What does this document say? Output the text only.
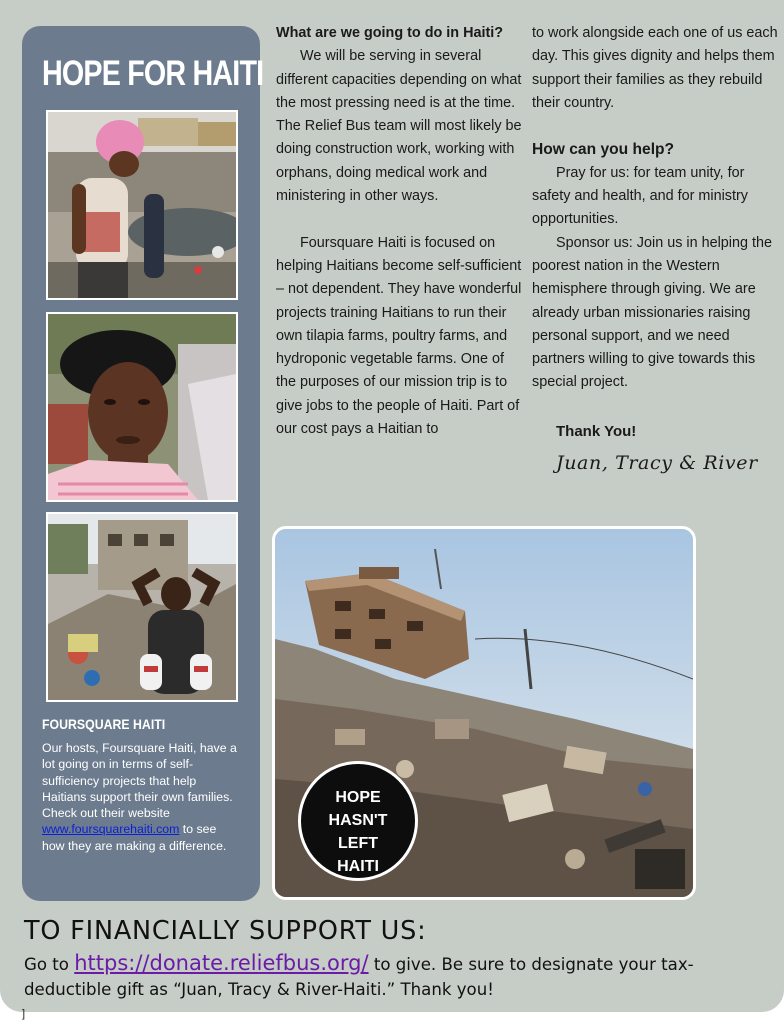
HOPE FOR HAITI
FOURSQUARE HAITI
Our hosts, Foursquare Haiti, have a lot going on in terms of self-sufficiency projects that help Haitians support their own families. Check out their website www.foursquarehaiti.com to see how they are making a difference.
What are we going to do in Haiti?

We will be serving in several different capacities depending on what the most pressing need is at the time. The Relief Bus team will most likely be doing construction work, working with orphans, doing medical work and ministering in other ways.

Foursquare Haiti is focused on helping Haitians become self-sufficient – not dependent. They have wonderful projects training Haitians to run their own tilapia farms, poultry farms, and hydroponic vegetable farms. One of the purposes of our mission trip is to give jobs to the people of Haiti. Part of our cost pays a Haitian to

to work alongside each one of us each day. This gives dignity and helps them support their families as they rebuild their country.
How can you help?

Pray for us: for team unity, for safety and health, and for ministry opportunities.

Sponsor us: Join us in helping the poorest nation in the Western hemisphere through giving. We are already urban missionaries raising personal support, and we need partners willing to give towards this special project.

Thank You!
Juan, Tracy & River
HOPE
HASN'T
LEFT
HAITI
TO FINANCIALLY SUPPORT US:
Go to https://donate.reliefbus.org/ to give. Be sure to designate your tax-deductible gift as “Juan, Tracy & River-Haiti.” Thank you!
]
